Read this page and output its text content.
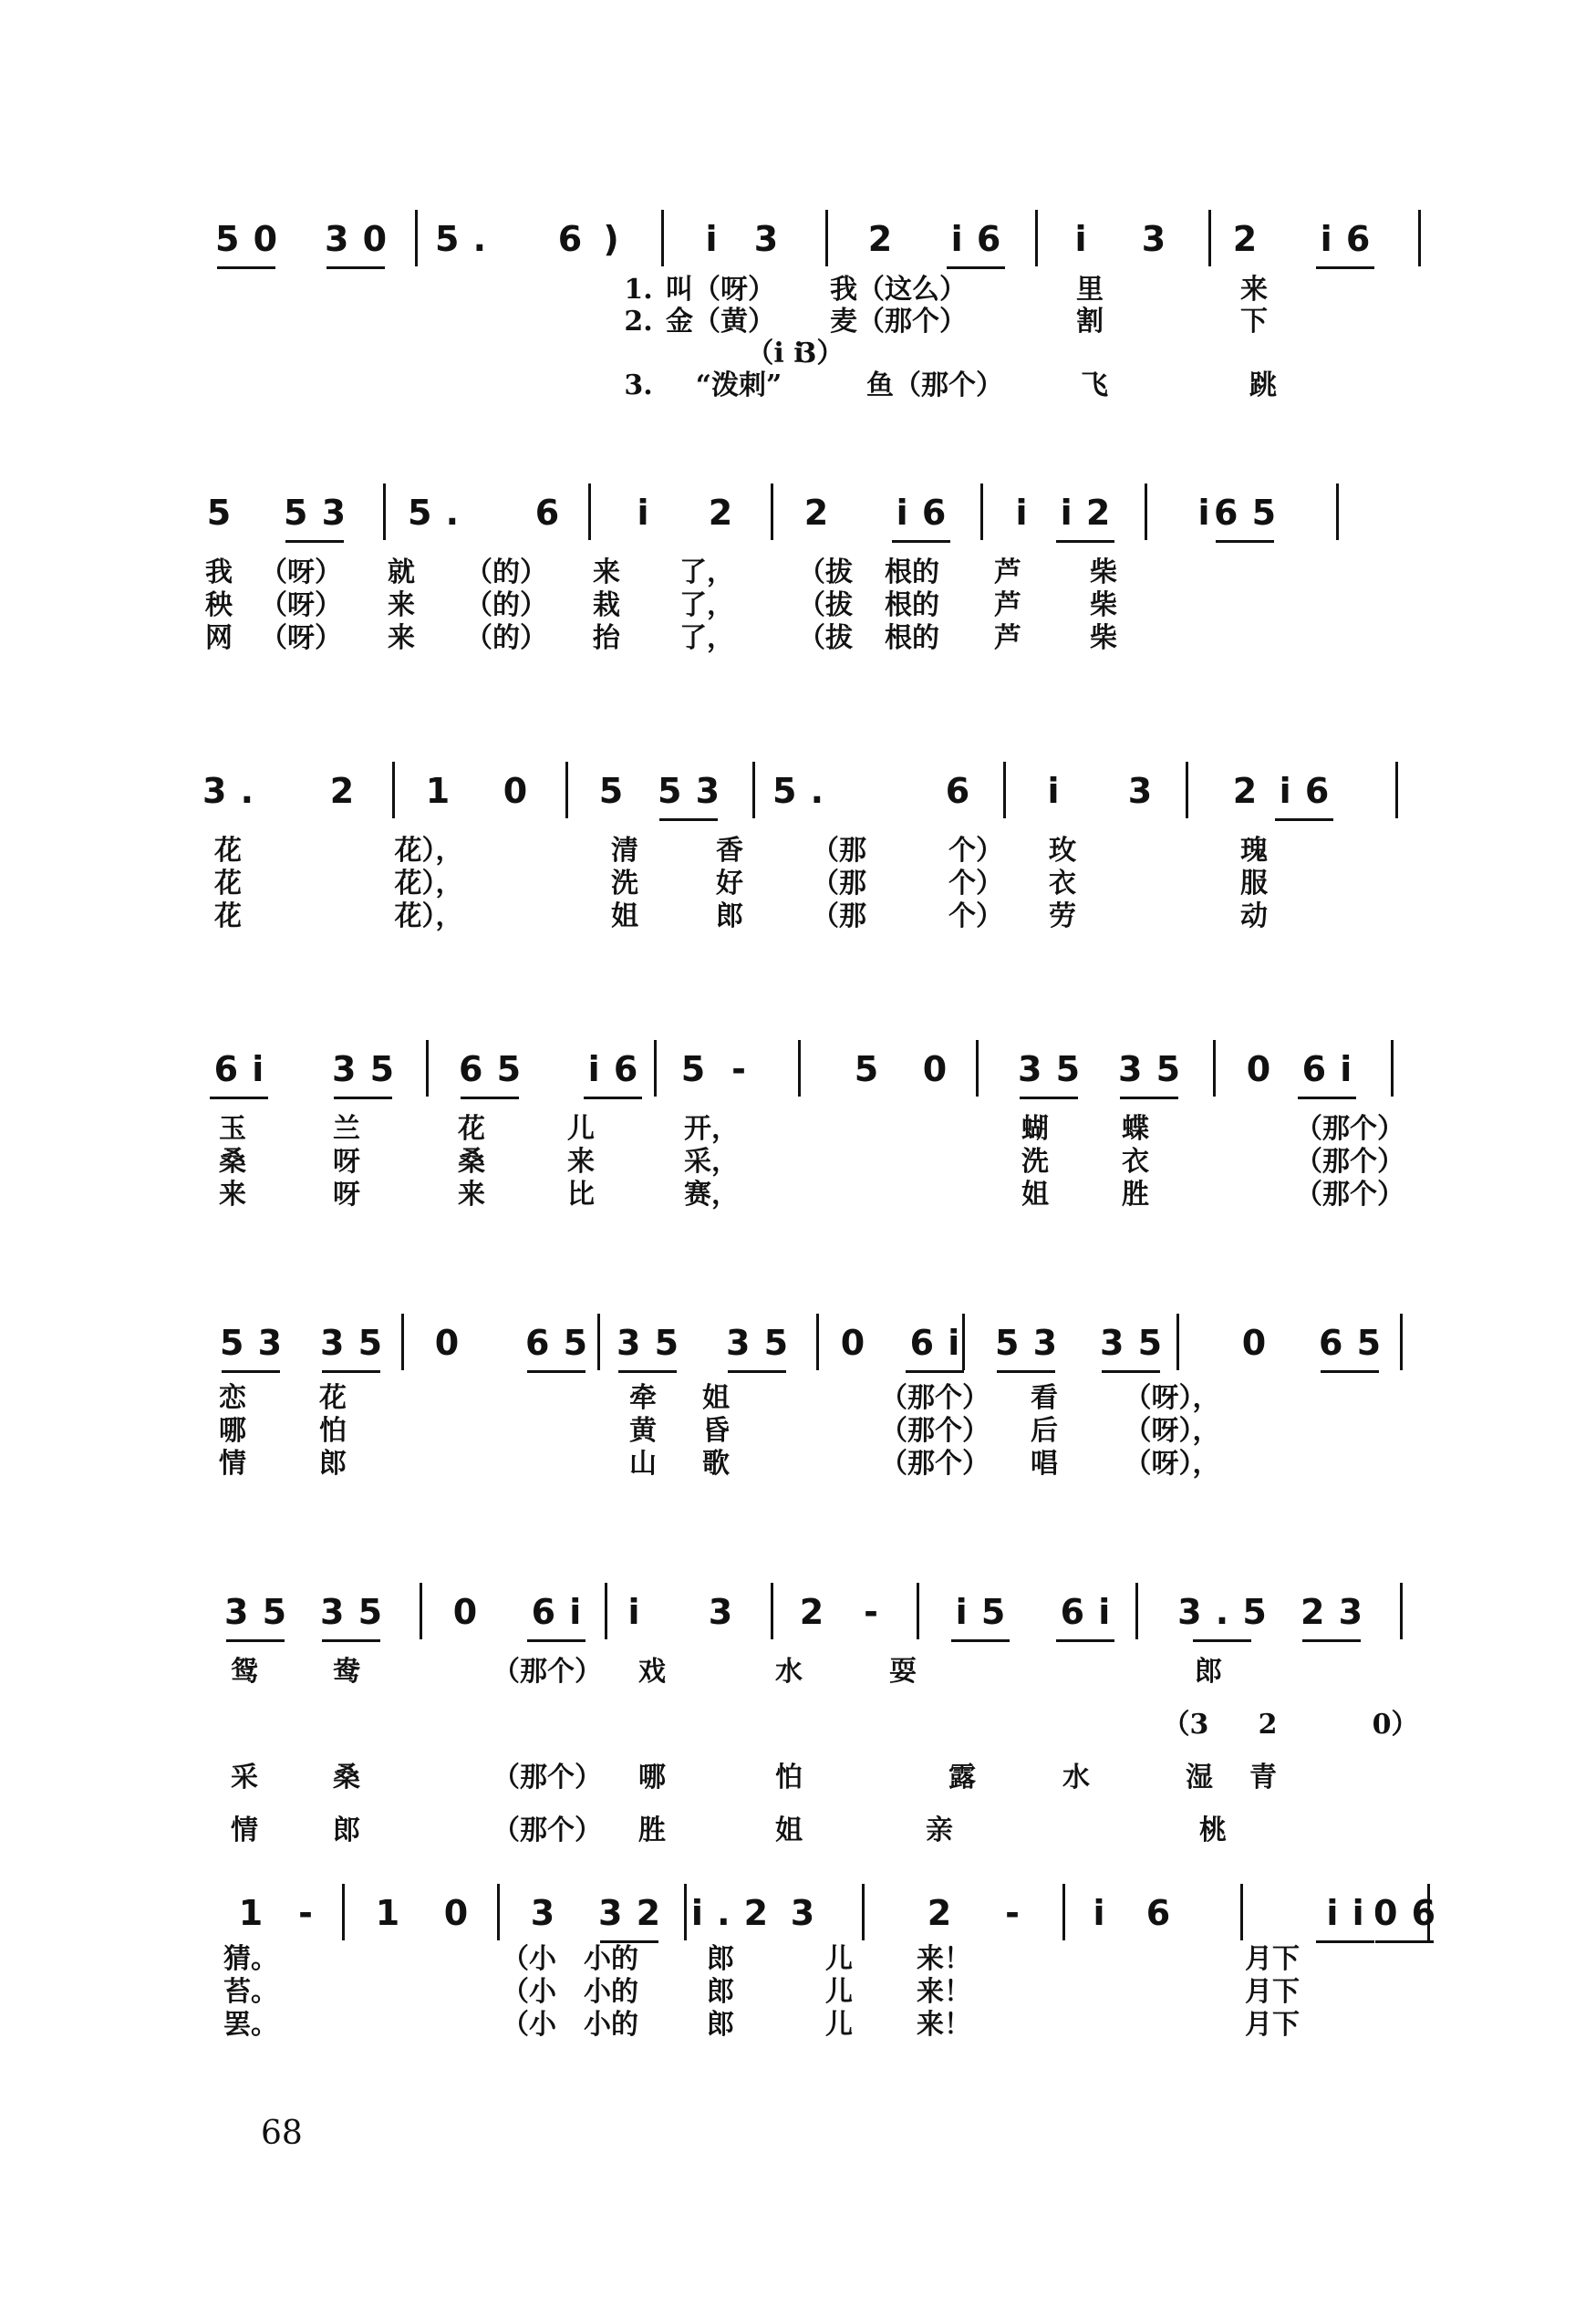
5  0 3  0 5  . 6 ) i 3	2 i  6 i 3 2 i  6
1. 叫（呀） 我（这么）	里	来
2. 金（黄） 麦（那个）	割	下
（i i
3）
3. “泼刺”	鱼（那个）	飞	跳
5 5  3 5  . 6 i 2 2 i  6 i i  2	i 6  5
我 （呀） 就 （的） 来 了， （拔 根的 芦	柴
秧 （呀） 来 （的） 栽 了， （拔 根的 芦	柴
网 （呀） 来 （的） 抬 了， （拔 根的 芦	柴
3  . 2 1 0 5 5  3 5  .	6 i 3 2 i  6
花	花），	清	香	（那	个） 玫	瑰
花	花），	洗	好	（那	个） 衣	服
花	花），	姐	郎	（那	个） 劳	动
6  i 3  5 6  5 i  6 5 -	5 0 3  5 3  5 0 6  i
玉	兰	花	儿	开，	蝴	蝶	（那个）
桑	呀	桑	来	采，	洗	衣	（那个）
来	呀	来	比	赛，	姐	胜	（那个）
5  3 3  5 0 6  5 3  5 3  5 0 6  i 5  3 3  5 0 6  5
恋	花	牵 姐	（那个） 看 （呀），
哪	怕	黄 昏	（那个） 后 （呀），
情	郎	山 歌	（那个） 唱 （呀），
3  5 3  5 0 6  i i 3 2 - i  5 6  i 3  .  5 2  3
鸳	鸯	（那个） 戏	水	耍	郎
（3 2	0）
采	桑	（那个） 哪	怕	露	水	湿 青
情	郎	（那个） 胜	姐	亲	桃
1 - 1 0 3 3  2 i  .  2 3	2 - i 6	i  i 0  6
猜。	（小 小的	郎	儿 来！	月下
苔。	（小 小的	郎	儿 来！	月下
罢。	（小 小的	郎	儿 来！	月下
68
